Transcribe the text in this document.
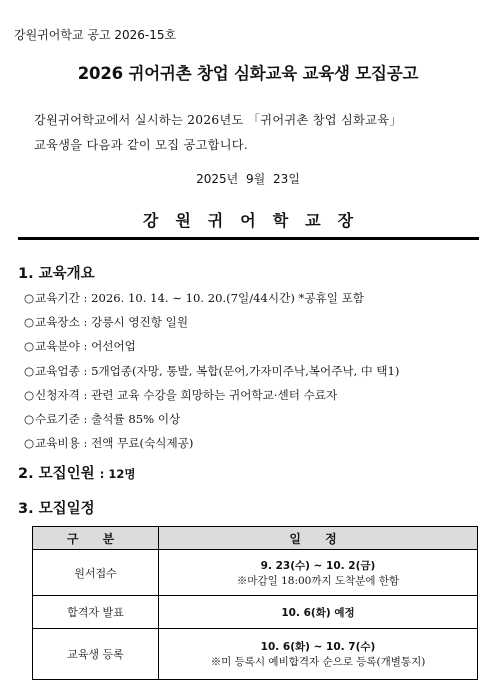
강원귀어학교 공고 2026-15호
2026 귀어귀촌 창업 심화교육 교육생 모집공고

강원귀어학교에서 실시하는 2026년도 「귀어귀촌 창업 심화교육」

교육생을 다음과 같이 모집 공고합니다.

2025년 9월 23일
강원귀어학교장
1. 교육개요
○교육기간 : 2026. 10. 14. ∼ 10. 20.(7일/44시간) *공휴일 포함
○교육장소 : 강릉시 영진항 일원
○교육분야 : 어선어업
○교육업종 : 5개업종(자망, 통발, 복합(문어,가자미주낙,복어주낙, 中 택1)
○신청자격 : 관련 교육 수강을 희망하는 귀어학교·센터 수료자
○수료기준 : 출석률 85% 이상
○교육비용 : 전액 무료(숙식제공)
2. 모집인원 : 12명
3. 모집일정
구 분	일 정
원서접수	9. 23(수) ~ 10. 2(금)
※마감일 18:00까지 도착분에 한함

합격자 발표	10. 6(화) 예정

교육생 등록	10. 6(화) ~ 10. 7(수)
※미 등록시 예비합격자 순으로 등록(개별통지)
